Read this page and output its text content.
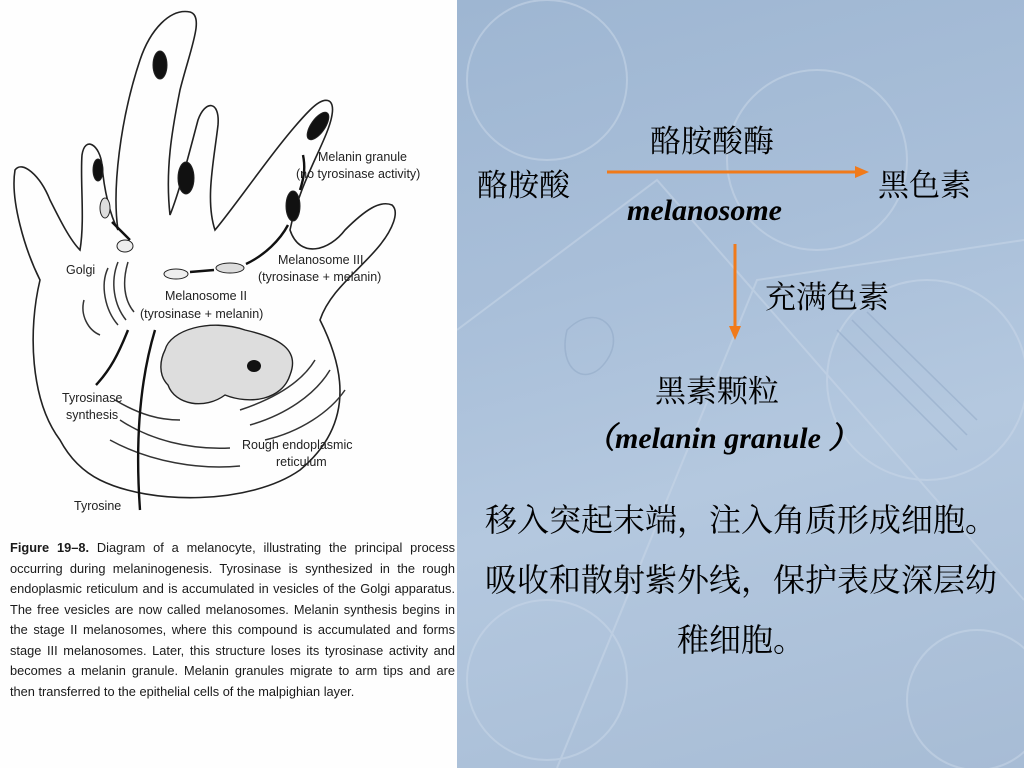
Melanin granule
(no tyrosinase activity)
Golgi
Melanosome III
(tyrosinase + melanin)
Melanosome II
(tyrosinase + melanin)
Tyrosinase
synthesis
Rough endoplasmic
reticulum
Tyrosine
Figure 19–8. Diagram of a melanocyte, illustrating the principal process occurring during melaninogenesis. Tyrosinase is synthesized in the rough endoplasmic reticulum and is accumulated in vesicles of the Golgi apparatus. The free vesicles are now called melanosomes. Melanin synthesis begins in the stage II melanosomes, where this compound is accumulated and forms stage III melanosomes. Later, this structure loses its tyrosinase activity and becomes a melanin granule. Melanin granules migrate to arm tips and are then transferred to the epithelial cells of the malpighian layer.
酪胺酸酶
酪胺酸	黑色素
melanosome
充满色素
黑素颗粒
（melanin granule ）
移入突起末端，注入角质形成细胞。吸收和散射紫外线，保护表皮深层幼稚细胞。
